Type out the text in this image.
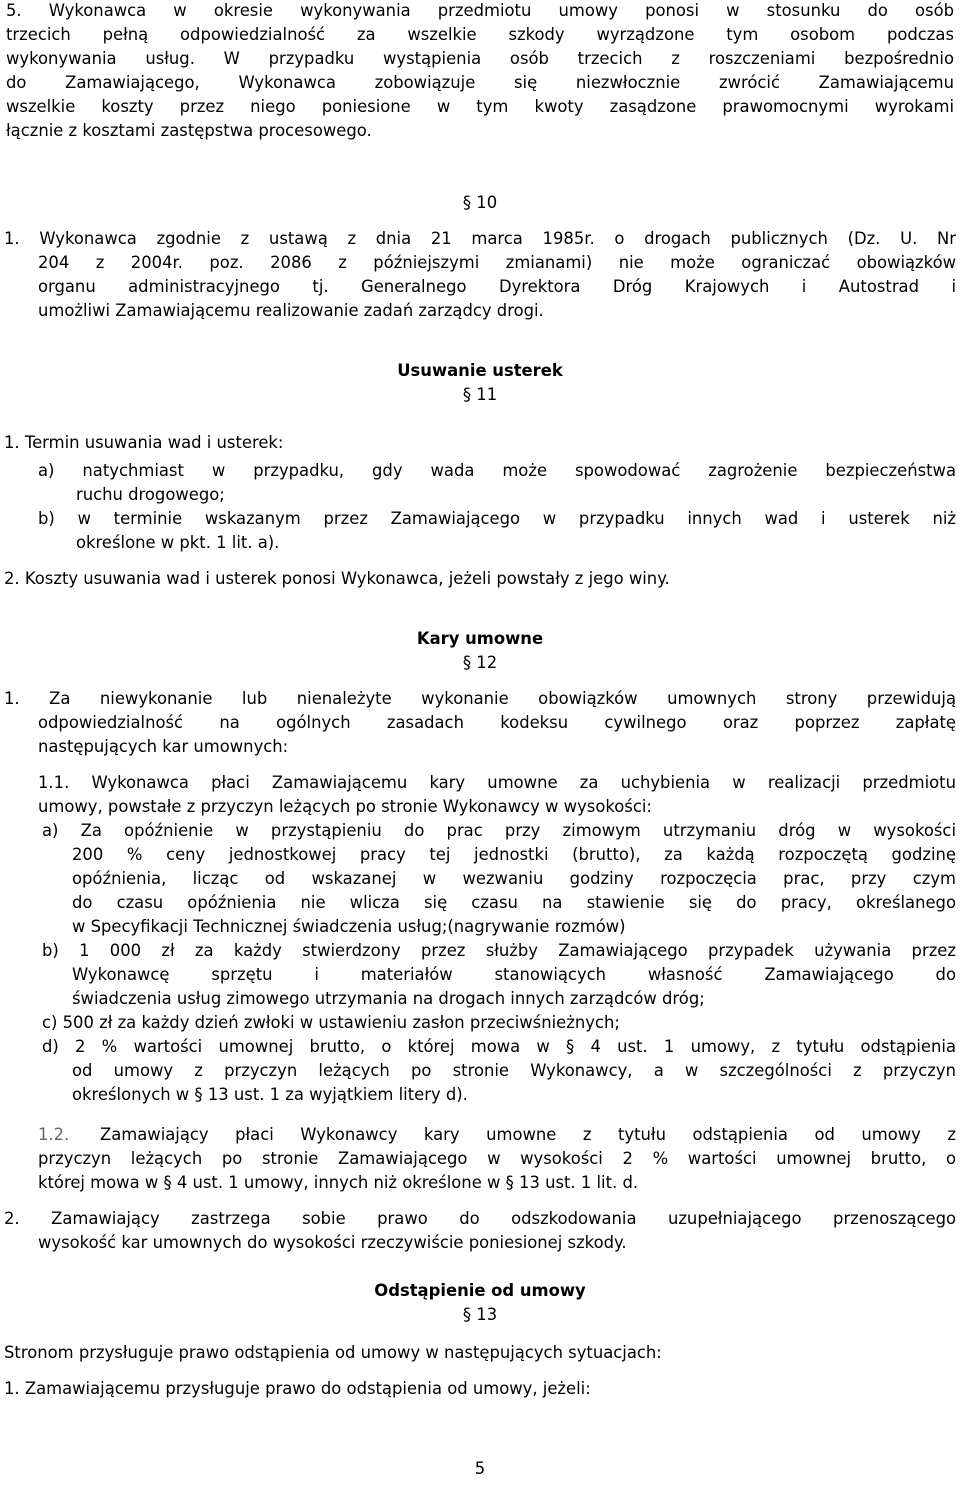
5. Wykonawca w okresie wykonywania przedmiotu umowy ponosi w stosunku do osób
trzecich pełną odpowiedzialność za wszelkie szkody wyrządzone tym osobom podczas
wykonywania usług. W przypadku wystąpienia osób trzecich z roszczeniami bezpośrednio
do Zamawiającego, Wykonawca zobowiązuje się niezwłocznie zwrócić Zamawiającemu
wszelkie koszty przez niego poniesione w tym kwoty zasądzone prawomocnymi wyrokami
łącznie z kosztami zastępstwa procesowego.
§ 10
1. Wykonawca zgodnie z ustawą z dnia 21 marca 1985r. o drogach publicznych (Dz. U. Nr
204 z 2004r. poz. 2086 z późniejszymi zmianami) nie może ograniczać obowiązków
organu administracyjnego tj. Generalnego Dyrektora Dróg Krajowych i Autostrad i
umożliwi Zamawiającemu realizowanie zadań zarządcy drogi.
Usuwanie usterek
§ 11
1. Termin usuwania wad i usterek:
a) natychmiast w przypadku, gdy wada może spowodować zagrożenie bezpieczeństwa
ruchu drogowego;
b) w terminie wskazanym przez Zamawiającego w przypadku innych wad i usterek niż
określone w pkt. 1 lit. a).
2. Koszty usuwania wad i usterek ponosi Wykonawca, jeżeli powstały z jego winy.
Kary umowne
§ 12
1. Za niewykonanie lub nienależyte wykonanie obowiązków umownych strony przewidują
odpowiedzialność na ogólnych zasadach kodeksu cywilnego oraz poprzez zapłatę
następujących kar umownych:
1.1. Wykonawca płaci Zamawiającemu kary umowne za uchybienia w realizacji przedmiotu
umowy, powstałe z przyczyn leżących po stronie Wykonawcy w wysokości:
a) Za opóźnienie w przystąpieniu do prac przy zimowym utrzymaniu dróg w wysokości
200 % ceny jednostkowej pracy tej jednostki (brutto), za każdą rozpoczętą godzinę
opóźnienia, licząc od wskazanej w wezwaniu godziny rozpoczęcia prac, przy czym
do czasu opóźnienia nie wlicza się czasu na stawienie się do pracy, określanego
w Specyfikacji Technicznej świadczenia usług;(nagrywanie rozmów)
b) 1 000 zł za każdy stwierdzony przez służby Zamawiającego przypadek używania przez
Wykonawcę sprzętu i materiałów stanowiących własność Zamawiającego do
świadczenia usług zimowego utrzymania na drogach innych zarządców dróg;
c) 500 zł za każdy dzień zwłoki w ustawieniu zasłon przeciwśnieżnych;
d) 2 % wartości umownej brutto, o której mowa w § 4 ust. 1 umowy, z tytułu odstąpienia
od umowy z przyczyn leżących po stronie Wykonawcy, a w szczególności z przyczyn
określonych w § 13 ust. 1 za wyjątkiem litery d).
1.2.	Zamawiający płaci Wykonawcy kary umowne z tytułu odstąpienia od umowy z
przyczyn leżących po stronie Zamawiającego w wysokości 2 % wartości umownej brutto, o
której mowa w § 4 ust. 1 umowy, innych niż określone w § 13 ust. 1 lit. d.
2. Zamawiający zastrzega sobie prawo do odszkodowania uzupełniającego przenoszącego
wysokość kar umownych do wysokości rzeczywiście poniesionej szkody.
Odstąpienie od umowy
§ 13
Stronom przysługuje prawo odstąpienia od umowy w następujących sytuacjach:
1. Zamawiającemu przysługuje prawo do odstąpienia od umowy, jeżeli:
5
